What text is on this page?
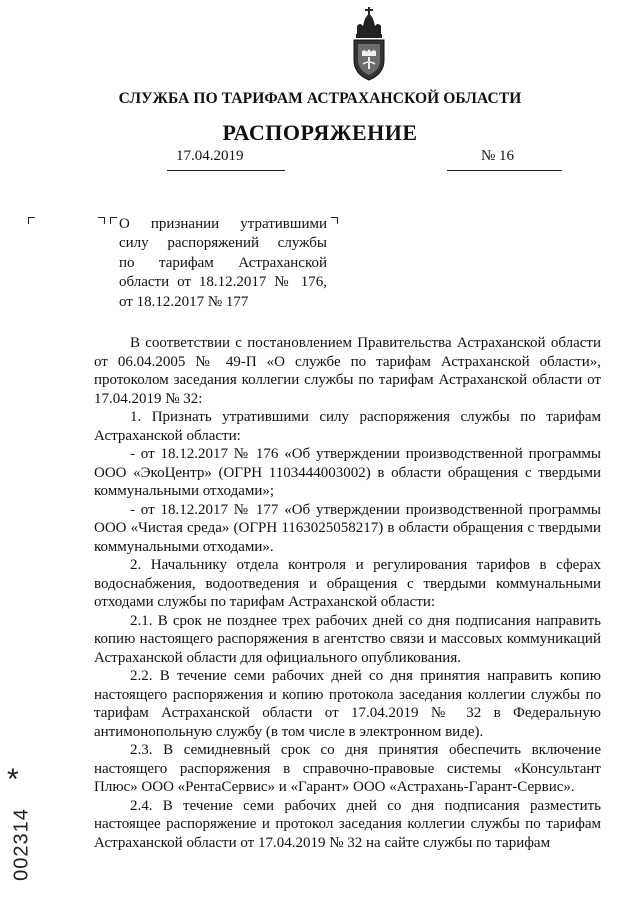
СЛУЖБА ПО ТАРИФАМ АСТРАХАНСКОЙ ОБЛАСТИ
РАСПОРЯЖЕНИЕ
17.04.2019	№ 16

О признании утратившими

силу распоряжений службы

по тарифам Астраханской

области от 18.12.2017 № 176,

от 18.12.2017 № 177

В соответствии с постановлением Правительства Астраханской области от 06.04.2005 № 49-П «О службе по тарифам Астраханской области», протоколом заседания коллегии службы по тарифам Астраханской области от 17.04.2019 № 32:

1. Признать утратившими силу распоряжения службы по тарифам Астраханской области:

- от 18.12.2017 № 176 «Об утверждении производственной программы ООО «ЭкоЦентр» (ОГРН 1103444003002) в области обращения с твердыми коммунальными отходами»;

- от 18.12.2017 № 177 «Об утверждении производственной программы ООО «Чистая среда» (ОГРН 1163025058217) в области обращения с твердыми коммунальными отходами».

2. Начальнику отдела контроля и регулирования тарифов в сферах водоснабжения, водоотведения и обращения с твердыми коммунальными отходами службы по тарифам Астраханской области:

2.1. В срок не позднее трех рабочих дней со дня подписания направить копию настоящего распоряжения в агентство связи и массовых коммуникаций Астраханской области для официального опубликования.

2.2. В течение семи рабочих дней со дня принятия направить копию настоящего распоряжения и копию протокола заседания коллегии службы по тарифам Астраханской области от 17.04.2019 № 32 в Федеральную антимонопольную службу (в том числе в электронном виде).

2.3. В семидневный срок со дня принятия обеспечить включение настоящего распоряжения в справочно-правовые системы «Консультант Плюс» ООО «РентаСервис» и «Гарант» ООО «Астрахань-Гарант-Сервис».

2.4. В течение семи рабочих дней со дня подписания разместить настоящее распоряжение и протокол заседания коллегии службы по тарифам Астраханской области от 17.04.2019 № 32 на сайте службы по тарифам

*
002314
